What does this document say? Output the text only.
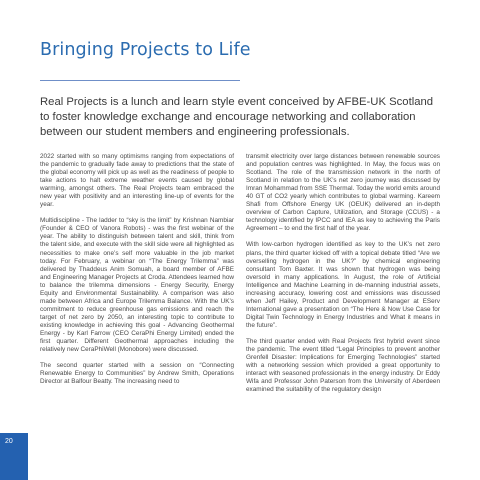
Bringing Projects to Life
Real Projects is a lunch and learn style event conceived by AFBE-UK Scotland to foster knowledge exchange and encourage networking and collaboration between our student members and engineering professionals.

2022 started with so many optimisms ranging from expectations of the pandemic to gradually fade away to predictions that the state of the global economy will pick up as well as the readiness of people to take actions to halt extreme weather events caused by global warming, amongst others. The Real Projects team embraced the new year with positivity and an interesting line-up of events for the year.

Multidiscipline - The ladder to “sky is the limit” by Krishnan Nambiar (Founder & CEO of Vanora Robots) - was the first webinar of the year. The ability to distinguish between talent and skill, think from the talent side, and execute with the skill side were all highlighted as necessities to make one’s self more valuable in the job market today. For February, a webinar on “The Energy Trilemma” was delivered by Thaddeus Anim Somuah, a board member of AFBE and Engineering Manager Projects at Croda. Attendees learned how to balance the trilemma dimensions - Energy Security, Energy Equity and Environmental Sustainability. A comparison was also made between Africa and Europe Trilemma Balance. With the UK’s commitment to reduce greenhouse gas emissions and reach the target of net zero by 2050, an interesting topic to contribute to existing knowledge in achieving this goal - Advancing Geothermal Energy - by Karl Farrow (CEO CeraPhi Energy Limited) ended the first quarter. Different Geothermal approaches including the relatively new CeraPhiWell (Monobore) were discussed.

The second quarter started with a session on “Connecting Renewable Energy to Communities” by Andrew Smith, Operations Director at Balfour Beatty. The increasing need to

transmit electricity over large distances between renewable sources and population centres was highlighted. In May, the focus was on Scotland. The role of the transmission network in the north of Scotland in relation to the UK’s net zero journey was discussed by Imran Mohammad from SSE Thermal. Today the world emits around 40 GT of CO2 yearly which contributes to global warming. Kareem Shafi from Offshore Energy UK (OEUK) delivered an in-depth overview of Carbon Capture, Utilization, and Storage (CCUS) - a technology identified by IPCC and IEA as key to achieving the Paris Agreement – to end the first half of the year.

With low-carbon hydrogen identified as key to the UK’s net zero plans, the third quarter kicked off with a topical debate titled “Are we overselling hydrogen in the UK?” by chemical engineering consultant Tom Baxter. It was shown that hydrogen was being oversold in many applications. In August, the role of Artificial Intelligence and Machine Learning in de-manning industrial assets, increasing accuracy, lowering cost and emissions was discussed when Jeff Hailey, Product and Development Manager at EServ International gave a presentation on “The Here & Now Use Case for Digital Twin Technology in Energy Industries and What it means in the future”.

The third quarter ended with Real Projects first hybrid event since the pandemic. The event titled “Legal Principles to prevent another Grenfell Disaster: Implications for Emerging Technologies” started with a networking session which provided a great opportunity to interact with seasoned professionals in the energy industry. Dr Eddy Wifa and Professor John Paterson from the University of Aberdeen examined the suitability of the regulatory design

20
